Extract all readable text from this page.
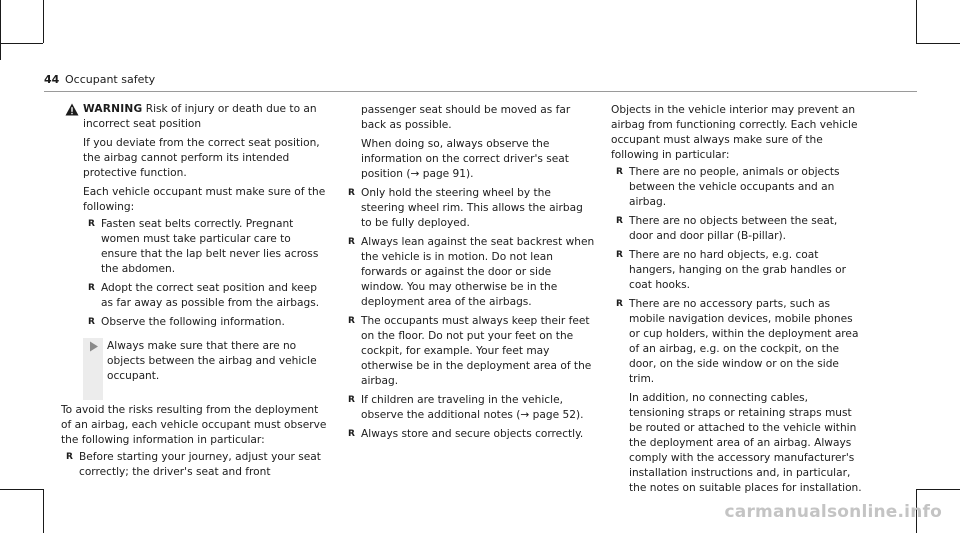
44 Occupant safety

WARNING Risk of injury or death due to an incorrect seat position

If you deviate from the correct seat position, the airbag cannot perform its intended protective function.

Each vehicle occupant must make sure of the following:

R Fasten seat belts correctly. Pregnant women must take particular care to ensure that the lap belt never lies across the abdomen.
R Adopt the correct seat position and keep as far away as possible from the airbags.
R Observe the following information.

Always make sure that there are no objects between the airbag and vehicle occupant.

To avoid the risks resulting from the deployment of an airbag, each vehicle occupant must observe the following information in particular:

R Before starting your journey, adjust your seat correctly; the driver's seat and front

passenger seat should be moved as far back as possible.

When doing so, always observe the information on the correct driver's seat position (→ page 91).

R Only hold the steering wheel by the steering wheel rim. This allows the airbag to be fully deployed.
R Always lean against the seat backrest when the vehicle is in motion. Do not lean forwards or against the door or side window. You may otherwise be in the deployment area of the airbags.
R The occupants must always keep their feet on the floor. Do not put your feet on the cockpit, for example. Your feet may otherwise be in the deployment area of the airbag.
R If children are traveling in the vehicle, observe the additional notes (→ page 52).
R Always store and secure objects correctly.

Objects in the vehicle interior may prevent an airbag from functioning correctly. Each vehicle occupant must always make sure of the following in particular:

R There are no people, animals or objects between the vehicle occupants and an airbag.
R There are no objects between the seat, door and door pillar (B-pillar).
R There are no hard objects, e.g. coat hangers, hanging on the grab handles or coat hooks.
R There are no accessory parts, such as mobile navigation devices, mobile phones or cup holders, within the deployment area of an airbag, e.g. on the cockpit, on the door, on the side window or on the side trim.

In addition, no connecting cables, tensioning straps or retaining straps must be routed or attached to the vehicle within the deployment area of an airbag. Always comply with the accessory manufacturer's installation instructions and, in particular, the notes on suitable places for installation.

carmanualsonline.info
